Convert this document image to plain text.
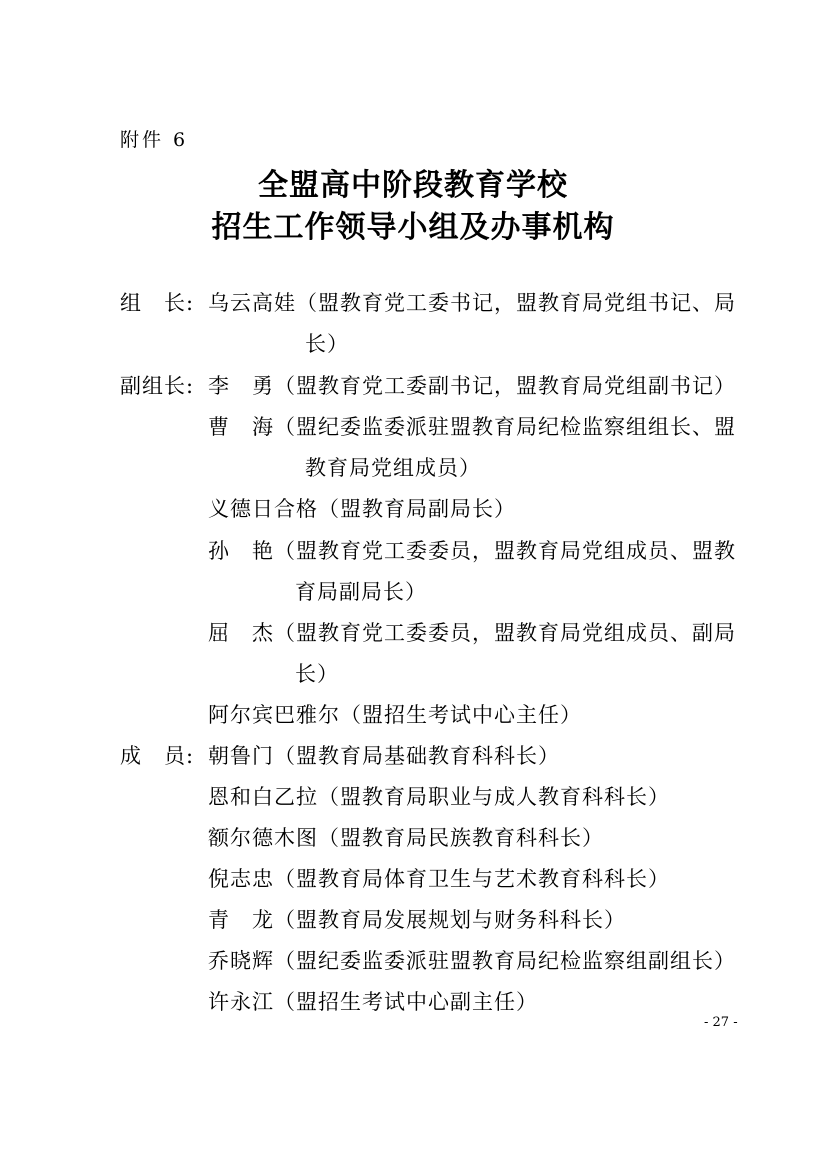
附件 6
全盟高中阶段教育学校
招生工作领导小组及办事机构
组　长: 乌云高娃（盟教育党工委书记，盟教育局党组书记、局
长）
副组长: 李　勇（盟教育党工委副书记，盟教育局党组副书记）
曹　海（盟纪委监委派驻盟教育局纪检监察组组长、盟
教育局党组成员）
义德日合格（盟教育局副局长）
孙　艳（盟教育党工委委员，盟教育局党组成员、盟教
育局副局长）
屈　杰（盟教育党工委委员，盟教育局党组成员、副局
长）
阿尔宾巴雅尔（盟招生考试中心主任）
成　员: 朝鲁门（盟教育局基础教育科科长）
恩和白乙拉（盟教育局职业与成人教育科科长）
额尔德木图（盟教育局民族教育科科长）
倪志忠（盟教育局体育卫生与艺术教育科科长）
青　龙（盟教育局发展规划与财务科科长）
乔晓辉（盟纪委监委派驻盟教育局纪检监察组副组长）
许永江（盟招生考试中心副主任）
- 27 -
